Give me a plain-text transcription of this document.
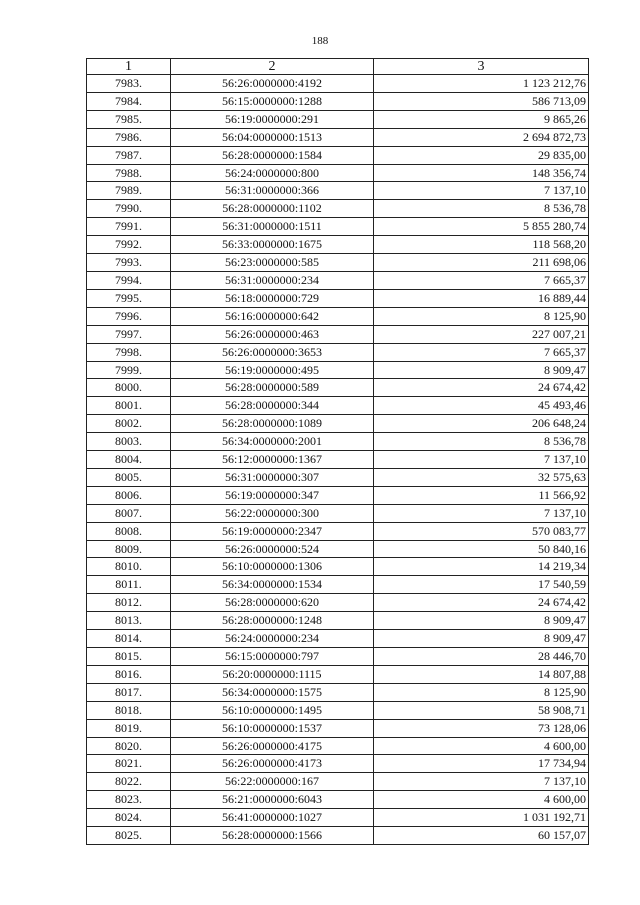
188
1	2	3
7983.	56:26:0000000:4192	1 123 212,76
7984.	56:15:0000000:1288	586 713,09
7985.	56:19:0000000:291	9 865,26
7986.	56:04:0000000:1513	2 694 872,73
7987.	56:28:0000000:1584	29 835,00
7988.	56:24:0000000:800	148 356,74
7989.	56:31:0000000:366	7 137,10
7990.	56:28:0000000:1102	8 536,78
7991.	56:31:0000000:1511	5 855 280,74
7992.	56:33:0000000:1675	118 568,20
7993.	56:23:0000000:585	211 698,06
7994.	56:31:0000000:234	7 665,37
7995.	56:18:0000000:729	16 889,44
7996.	56:16:0000000:642	8 125,90
7997.	56:26:0000000:463	227 007,21
7998.	56:26:0000000:3653	7 665,37
7999.	56:19:0000000:495	8 909,47
8000.	56:28:0000000:589	24 674,42
8001.	56:28:0000000:344	45 493,46
8002.	56:28:0000000:1089	206 648,24
8003.	56:34:0000000:2001	8 536,78
8004.	56:12:0000000:1367	7 137,10
8005.	56:31:0000000:307	32 575,63
8006.	56:19:0000000:347	11 566,92
8007.	56:22:0000000:300	7 137,10
8008.	56:19:0000000:2347	570 083,77
8009.	56:26:0000000:524	50 840,16
8010.	56:10:0000000:1306	14 219,34
8011.	56:34:0000000:1534	17 540,59
8012.	56:28:0000000:620	24 674,42
8013.	56:28:0000000:1248	8 909,47
8014.	56:24:0000000:234	8 909,47
8015.	56:15:0000000:797	28 446,70
8016.	56:20:0000000:1115	14 807,88
8017.	56:34:0000000:1575	8 125,90
8018.	56:10:0000000:1495	58 908,71
8019.	56:10:0000000:1537	73 128,06
8020.	56:26:0000000:4175	4 600,00
8021.	56:26:0000000:4173	17 734,94
8022.	56:22:0000000:167	7 137,10
8023.	56:21:0000000:6043	4 600,00
8024.	56:41:0000000:1027	1 031 192,71
8025.	56:28:0000000:1566	60 157,07
